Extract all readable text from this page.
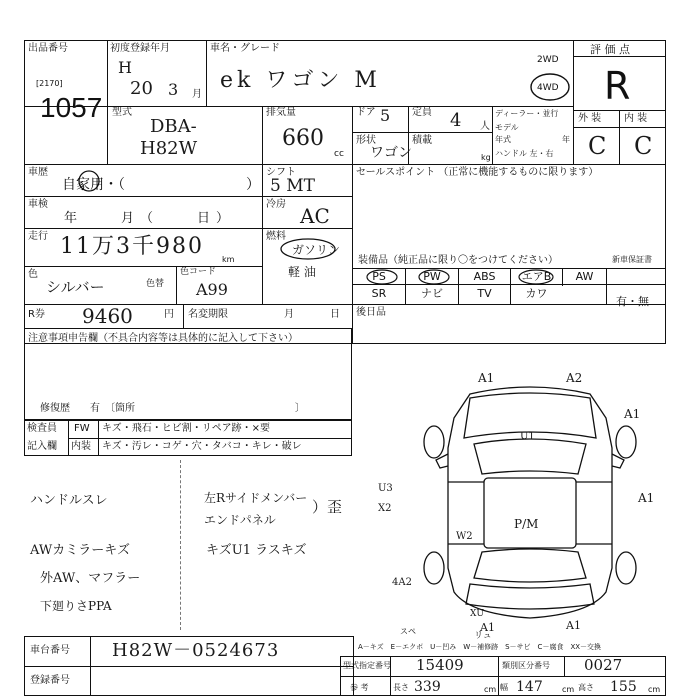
出品番号
[2170]
1057
初度登録年月
H
20 3 月
車名・グレード
ek ワゴン M
2WD
4WD
評 価 点
R
外 装 内 装
C C
型式
DBA-
H82W
排気量
660
cc
ドア 5 定員 4 人
ディーラー・並行
モデル
年式	年
ハンドル 左・右
形状
ワゴン
積載
kg
車歴
自家用・（	）
シフト
5 MT
セールスポイント （正常に機能するものに限ります）
車検
年　　月（　　日）
冷房 AC
走行 11万3千980
km
燃料
ガソリン
軽 油
色
シルバー	色替
色コード
A99
R券 9460	円 名変期限	月	日
装備品（純正品に限り〇をつけてください）	新車保証書
有・無
PS	PW	ABS	エアB	AW
SR	ナビ	TV	カワ
後日品
注意事項申告欄（不具合内容等は具体的に記入して下さい）
修復歴　　有　〔箇所　　　　　　　　　　　　　　　　〕
検査員
記入欄
FW キズ・飛石・ヒビ割・リペア跡・×要
内装 キズ・汚レ・コゲ・穴・タバコ・キレ・破レ
ハンドルスレ
AWカミラーキズ
外AW、マフラー
下廻りさPPA
左Rサイドメンバー
エンドパネル
）歪
キズU1 ラスキズ
A1	A2
A1
A1
U1
U3
X2
W2
P/M
4A2
A1	A1
XU
リュ
スペ
A－キズ　E－エクボ　U－凹み　W－補修跡　S－サビ　C－腐食　XX－交換
車台番号 H82W－0524673
登録番号
型式指定番号 15409	類別区分番号 0027
参 考	長さ 339	cm 幅 147 cm 高さ 155 cm
